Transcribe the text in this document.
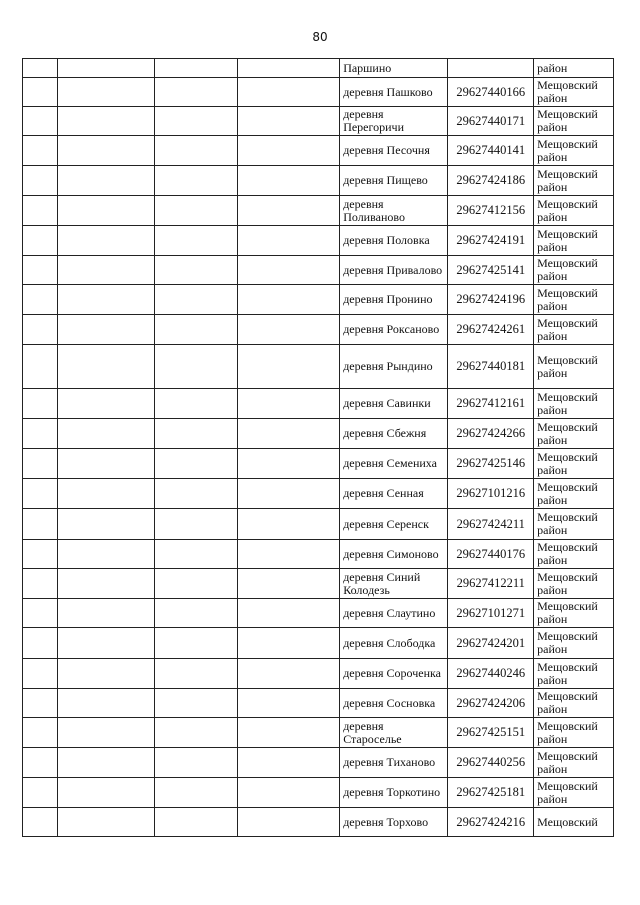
80
				Паршино		район
				деревня Пашково	29627440166	Мещовский район
				деревня Перегоричи	29627440171	Мещовский район
				деревня Песочня	29627440141	Мещовский район
				деревня Пищево	29627424186	Мещовский район
				деревня Поливаново	29627412156	Мещовский район
				деревня Половка	29627424191	Мещовский район
				деревня Привалово	29627425141	Мещовский район
				деревня Пронино	29627424196	Мещовский район
				деревня Роксаново	29627424261	Мещовский район
				деревня Рындино	29627440181	Мещовский район
				деревня Савинки	29627412161	Мещовский район
				деревня Сбежня	29627424266	Мещовский район
				деревня Семениха	29627425146	Мещовский район
				деревня Сенная	29627101216	Мещовский район
				деревня Серенск	29627424211	Мещовский район
				деревня Симоново	29627440176	Мещовский район
				деревня Синий Колодезь	29627412211	Мещовский район
				деревня Слаутино	29627101271	Мещовский район
				деревня Слободка	29627424201	Мещовский район
				деревня Сороченка	29627440246	Мещовский район
				деревня Сосновка	29627424206	Мещовский район
				деревня Староселье	29627425151	Мещовский район
				деревня Тиханово	29627440256	Мещовский район
				деревня Торкотино	29627425181	Мещовский район
				деревня Торхово	29627424216	Мещовский
